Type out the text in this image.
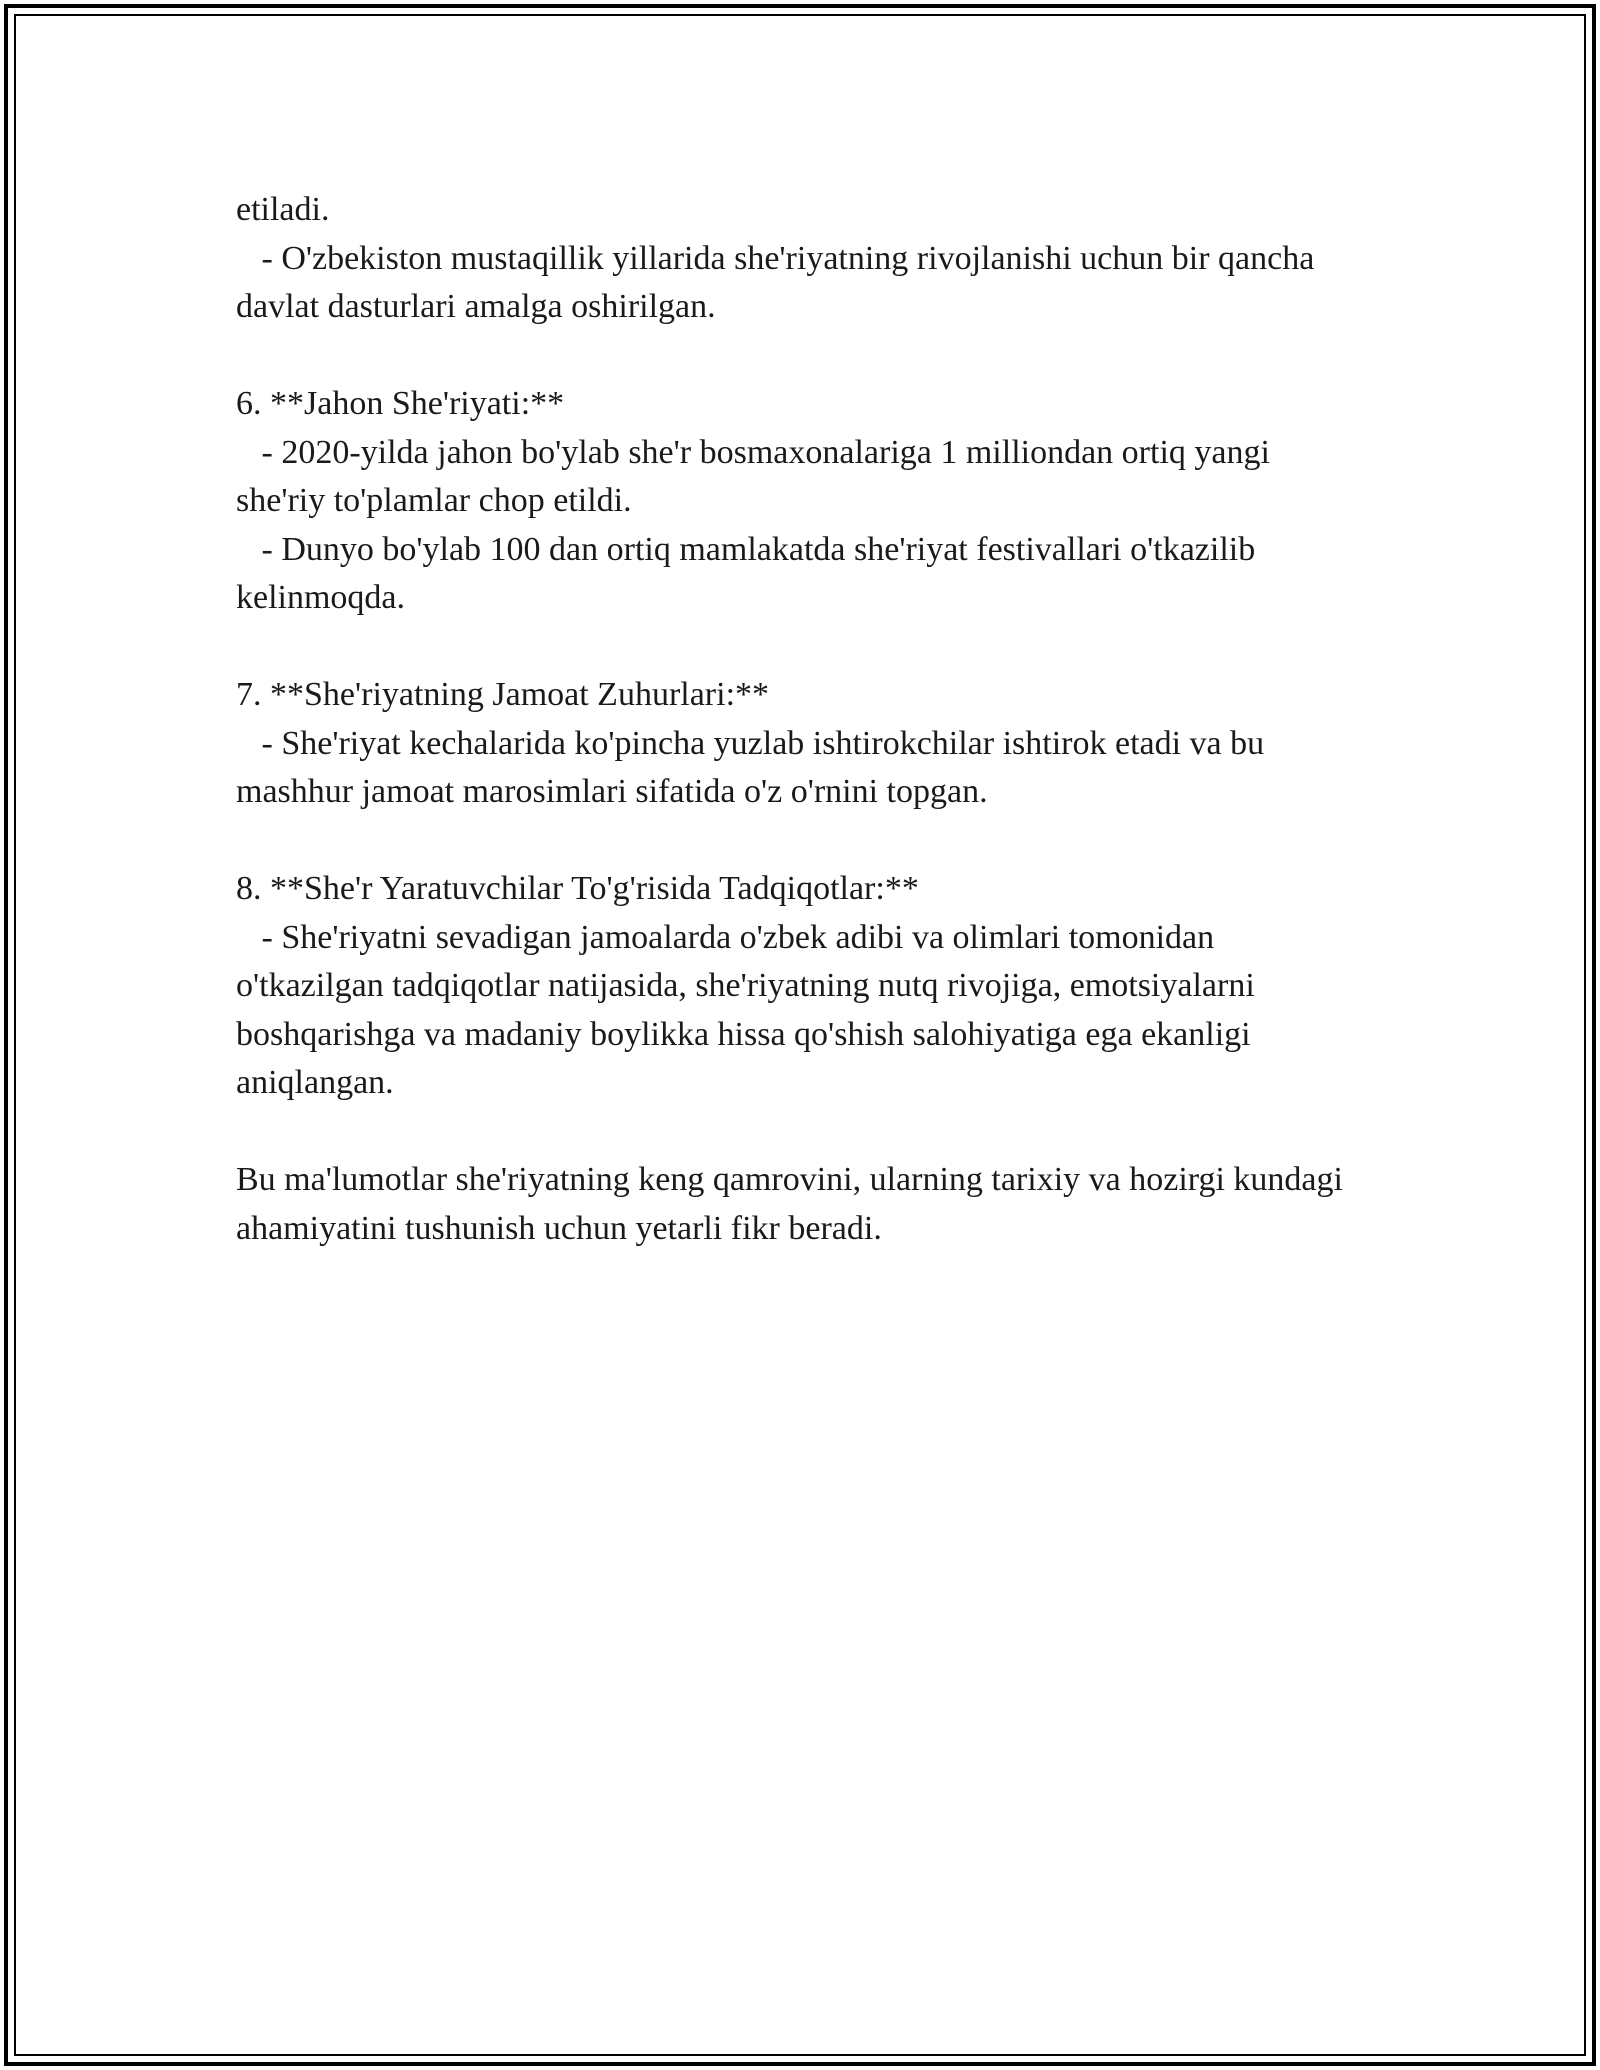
etiladi.

- O'zbekiston mustaqillik yillarida she'riyatning rivojlanishi uchun bir qancha davlat dasturlari amalga oshirilgan.

6. **Jahon She'riyati:**

- 2020-yilda jahon bo'ylab she'r bosmaxonalariga 1 milliondan ortiq yangi she'riy to'plamlar chop etildi.

- Dunyo bo'ylab 100 dan ortiq mamlakatda she'riyat festivallari o'tkazilib kelinmoqda.

7. **She'riyatning Jamoat Zuhurlari:**

- She'riyat kechalarida ko'pincha yuzlab ishtirokchilar ishtirok etadi va bu mashhur jamoat marosimlari sifatida o'z o'rnini topgan.

8. **She'r Yaratuvchilar To'g'risida Tadqiqotlar:**

- She'riyatni sevadigan jamoalarda o'zbek adibi va olimlari tomonidan o'tkazilgan tadqiqotlar natijasida, she'riyatning nutq rivojiga, emotsiyalarni boshqarishga va madaniy boylikka hissa qo'shish salohiyatiga ega ekanligi aniqlangan.

Bu ma'lumotlar she'riyatning keng qamrovini, ularning tarixiy va hozirgi kundagi ahamiyatini tushunish uchun yetarli fikr beradi.
